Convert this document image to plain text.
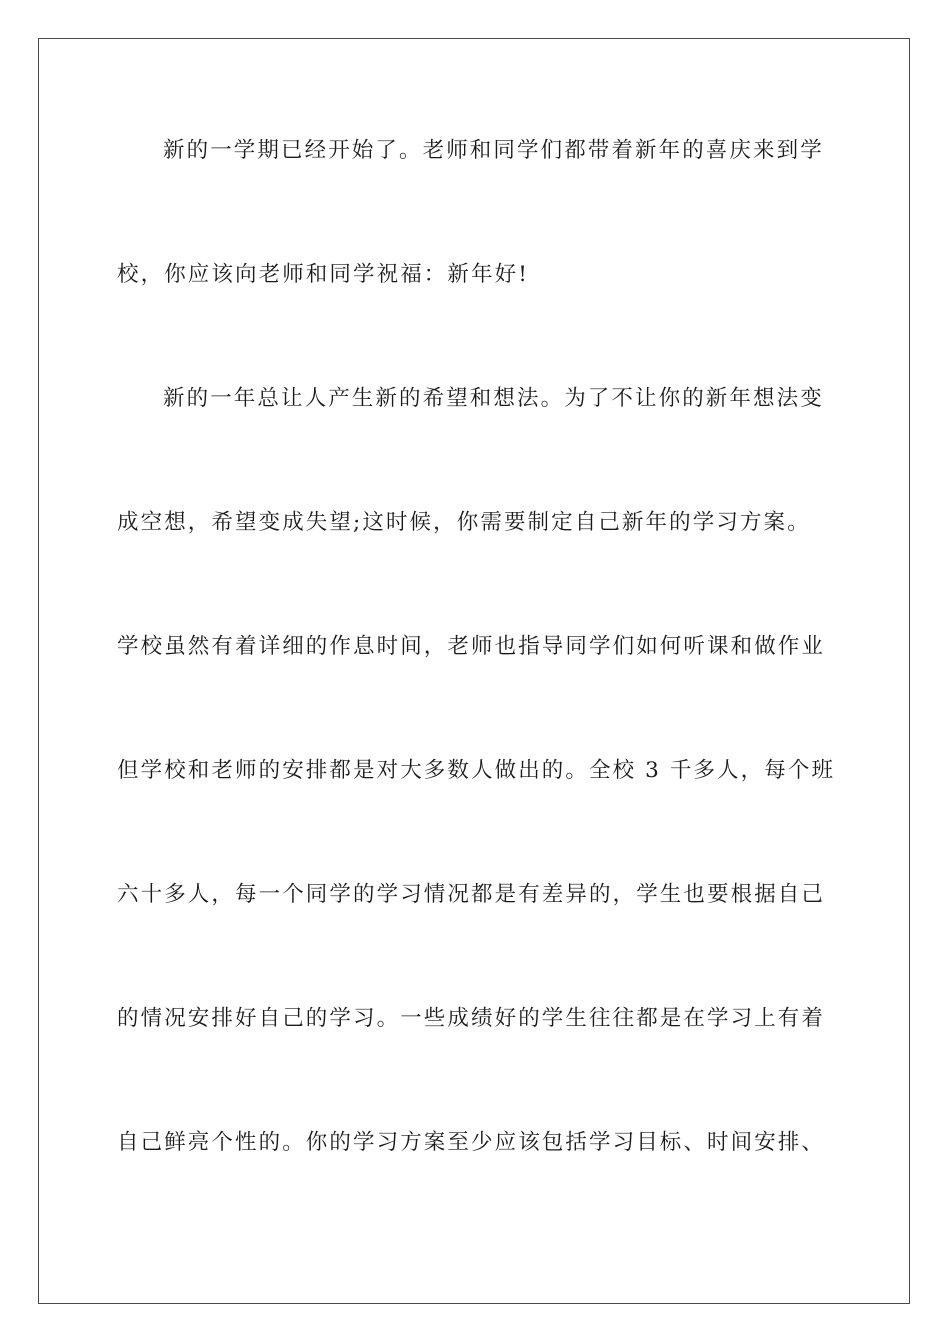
新的一学期已经开始了。老师和同学们都带着新年的喜庆来到学
校，你应该向老师和同学祝福：新年好!
新的一年总让人产生新的希望和想法。为了不让你的新年想法变
成空想，希望变成失望;这时候，你需要制定自己新年的学习方案。
学校虽然有着详细的作息时间，老师也指导同学们如何听课和做作业
但学校和老师的安排都是对大多数人做出的。全校 3 千多人，每个班
六十多人，每一个同学的学习情况都是有差异的，学生也要根据自己
的情况安排好自己的学习。一些成绩好的学生往往都是在学习上有着
自己鲜亮个性的。你的学习方案至少应该包括学习目标、时间安排、
